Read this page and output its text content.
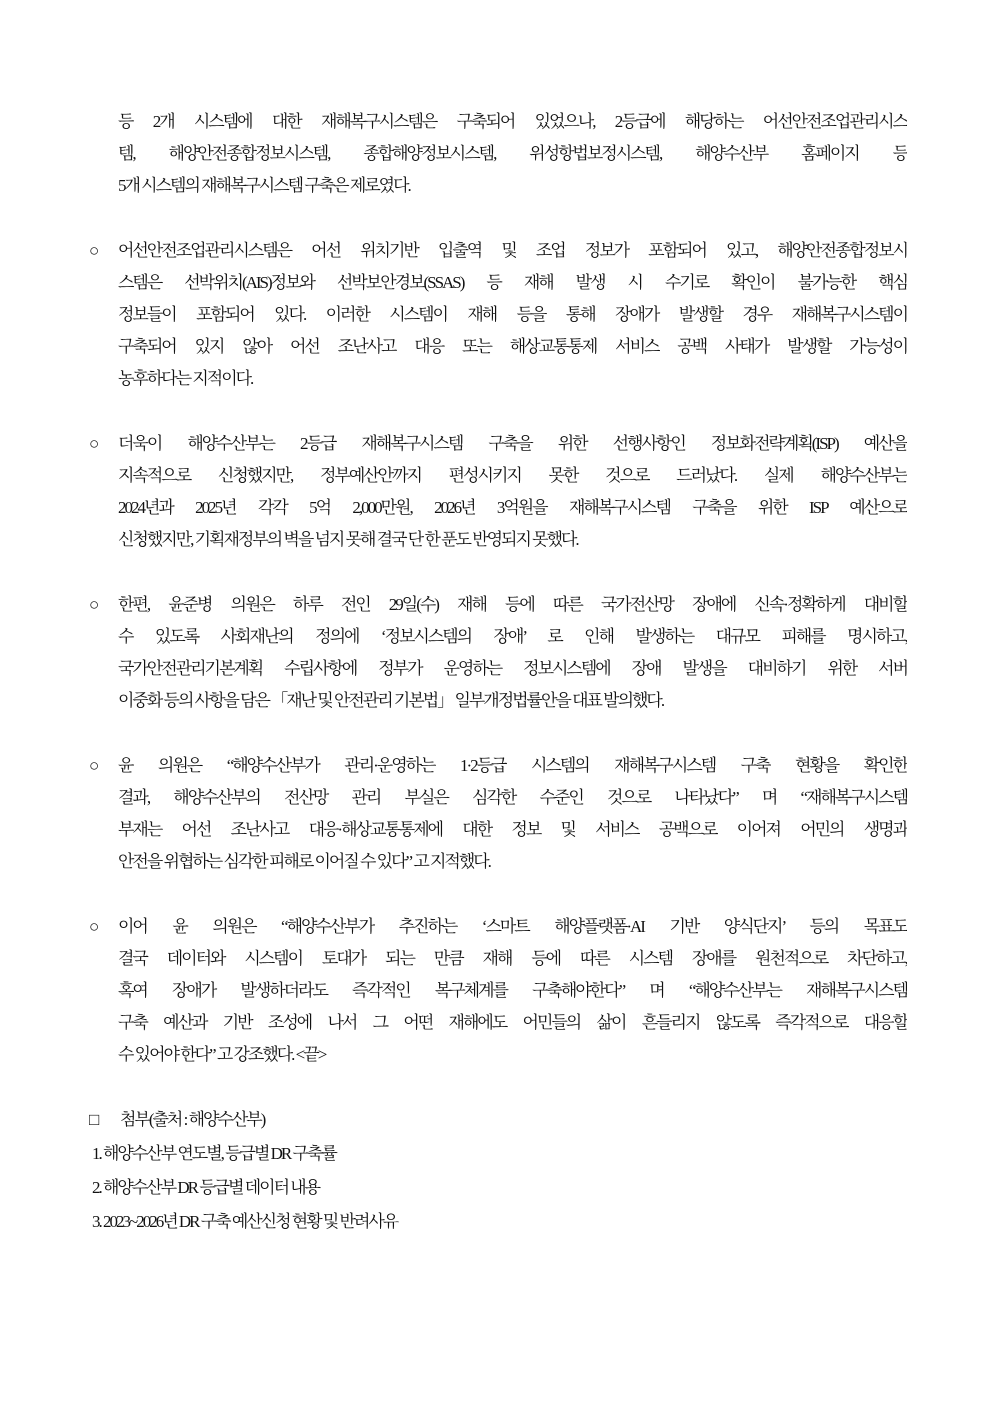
등 2개 시스템에 대한 재해복구시스템은 구축되어 있었으나, 2등급에 해당하는 어선안전조업관리시스
템, 해양안전종합정보시스템, 종합해양정보시스템, 위성항법보정시스템, 해양수산부 홈페이지 등
5개 시스템의 재해복구시스템 구축은 제로였다.
○	어선안전조업관리시스템은 어선 위치기반 입출역 및 조업 정보가 포함되어 있고, 해양안전종합정보시
스템은 선박위치(AIS)정보와 선박보안경보(SSAS) 등 재해 발생 시 수기로 확인이 불가능한 핵심
정보들이 포함되어 있다. 이러한 시스템이 재해 등을 통해 장애가 발생할 경우 재해복구시스템이
구축되어 있지 않아 어선 조난사고 대응 또는 해상교통통제 서비스 공백 사태가 발생할 가능성이
농후하다는 지적이다.
○	더욱이 해양수산부는 2등급 재해복구시스템 구축을 위한 선행사항인 정보화전략계획(ISP) 예산을
지속적으로 신청했지만, 정부예산안까지 편성시키지 못한 것으로 드러났다. 실제 해양수산부는
2024년과 2025년 각각 5억 2,000만원, 2026년 3억원을 재해복구시스템 구축을 위한 ISP 예산으로
신청했지만, 기획재정부의 벽을 넘지 못해 결국 단 한 푼도 반영되지 못했다.
○	한편, 윤준병 의원은 하루 전인 29일(수) 재해 등에 따른 국가전산망 장애에 신속·정확하게 대비할
수 있도록 사회재난의 정의에 ‘정보시스템의 장애’ 로 인해 발생하는 대규모 피해를 명시하고,
국가안전관리기본계획 수립사항에 정부가 운영하는 정보시스템에 장애 발생을 대비하기 위한 서버
이중화 등의 사항을 담은 「재난 및 안전관리 기본법」 일부개정법률안을 대표 발의했다.
○	윤 의원은 “해양수산부가 관리·운영하는 1·2등급 시스템의 재해복구시스템 구축 현황을 확인한
결과, 해양수산부의 전산망 관리 부실은 심각한 수준인 것으로 나타났다” 며 “재해복구시스템
부재는 어선 조난사고 대응·해상교통통제에 대한 정보 및 서비스 공백으로 이어져 어민의 생명과
안전을 위협하는 심각한 피해로 이어질 수 있다” 고 지적했다.
○	이어 윤 의원은 “해양수산부가 추진하는 ‘스마트 해양플랫폼·AI 기반 양식단지’ 등의 목표도
결국 데이터와 시스템이 토대가 되는 만큼 재해 등에 따른 시스템 장애를 원천적으로 차단하고,
혹여 장애가 발생하더라도 즉각적인 복구체계를 구축해야한다” 며 “해양수산부는 재해복구시스템
구축 예산과 기반 조성에 나서 그 어떤 재해에도 어민들의 삶이 흔들리지 않도록 즉각적으로 대응할
수 있어야 한다” 고 강조했다. <끝>
□	첨부(출처 : 해양수산부)
1. 해양수산부 연도별, 등급별 DR 구축률
2. 해양수산부 DR 등급별 데이터 내용
3. 2023~2026년 DR 구축 예산신청 현황 및 반려사유
